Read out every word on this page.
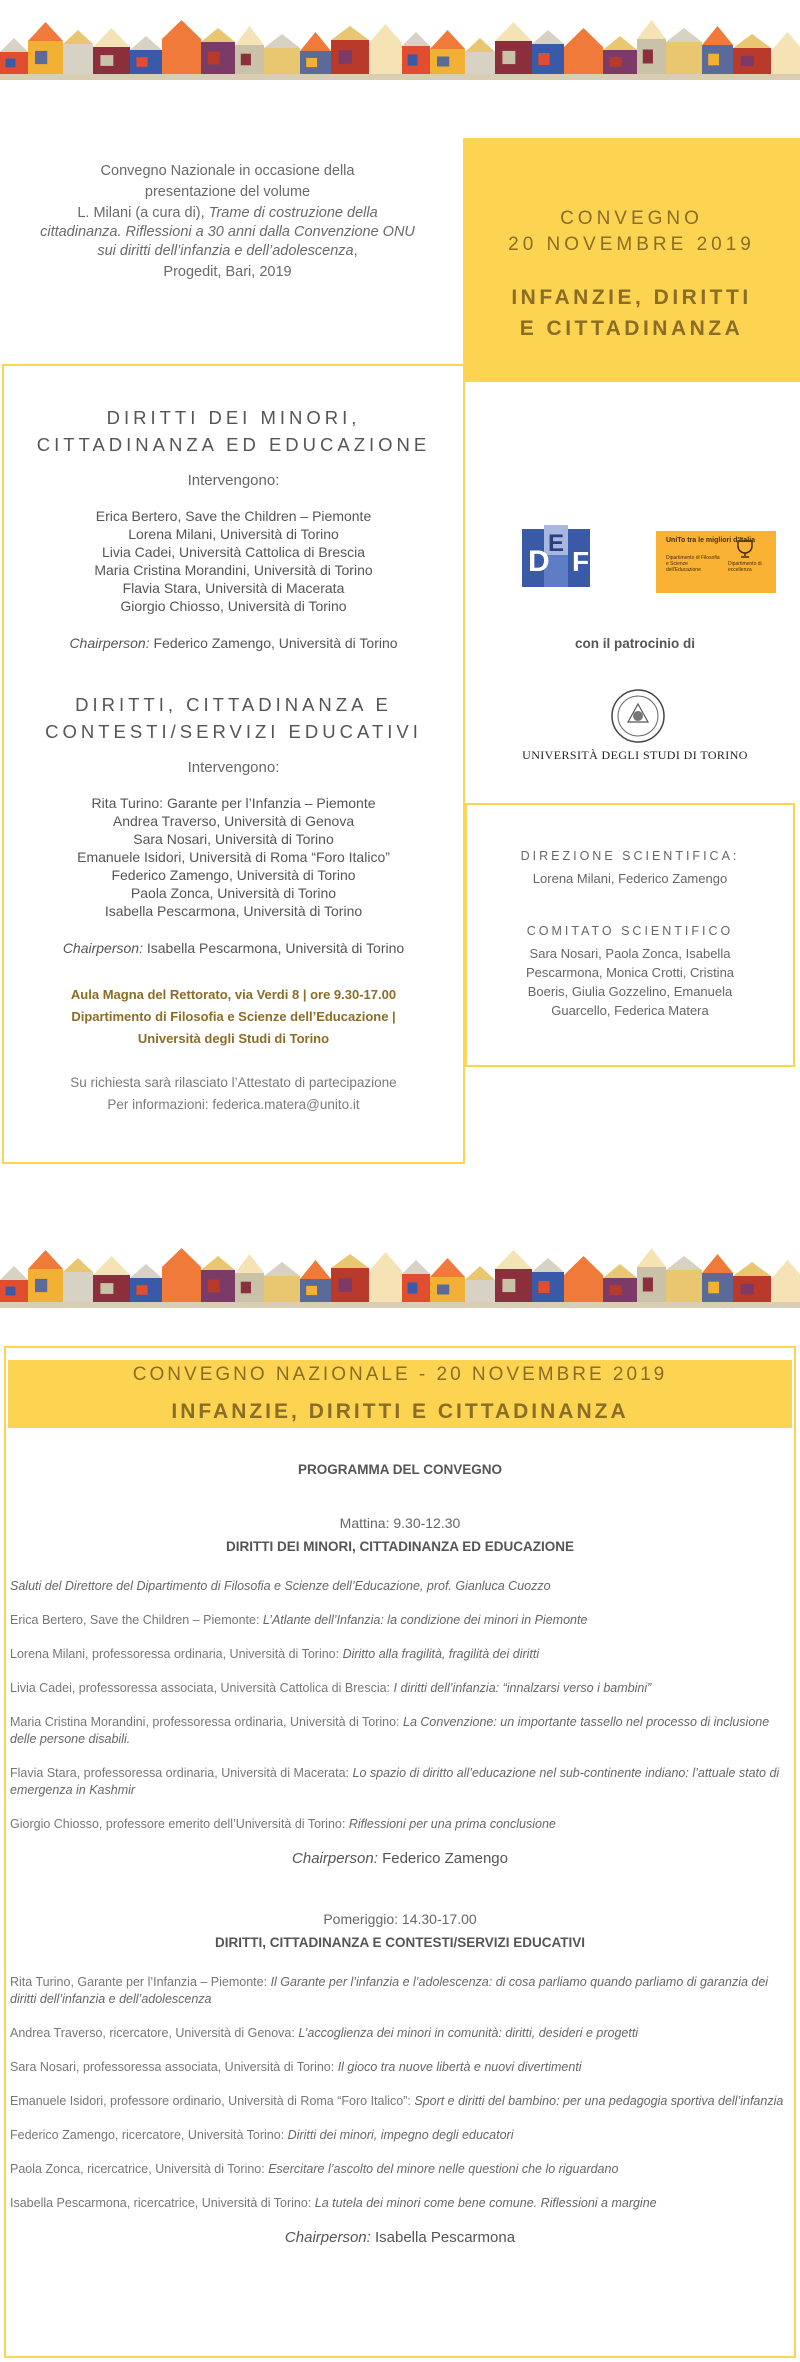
Convegno Nazionale in occasione della

presentazione del volume

L. Milani (a cura di), Trame di costruzione della cittadinanza. Riflessioni a 30 anni dalla Convenzione ONU sui diritti dell’infanzia e dell’adolescenza,

Progedit, Bari, 2019

CONVEGNO
20 NOVEMBRE 2019
INFANZIE, DIRITTI
E CITTADINANZA
DIRITTI DEI MINORI,
CITTADINANZA ED EDUCAZIONE
Intervengono:
Erica Bertero, Save the Children – Piemonte
Lorena Milani, Università di Torino
Livia Cadei, Università Cattolica di Brescia
Maria Cristina Morandini, Università di Torino
Flavia Stara, Università di Macerata
Giorgio Chiosso, Università di Torino
Chairperson: Federico Zamengo, Università di Torino
DIRITTI, CITTADINANZA E
CONTESTI/SERVIZI EDUCATIVI
Intervengono:
Rita Turino: Garante per l’Infanzia – Piemonte
Andrea Traverso, Università di Genova
Sara Nosari, Università di Torino
Emanuele Isidori, Università di Roma “Foro Italico”
Federico Zamengo, Università di Torino
Paola Zonca, Università di Torino
Isabella Pescarmona, Università di Torino
Chairperson: Isabella Pescarmona, Università di Torino
Aula Magna del Rettorato, via Verdi 8 | ore 9.30-17.00
Dipartimento di Filosofia e Scienze dell’Educazione |
Università degli Studi di Torino
Su richiesta sarà rilasciato l’Attestato di partecipazione
Per informazioni: federica.matera@unito.it
D
E
F
UniTo tra le migliori d'Italia
Dipartimento di Filosofia e Scienze dell'Educazione
Dipartimento di eccellenza
con il patrocinio di
UNIVERSITÀ DEGLI STUDI DI TORINO
DIREZIONE SCIENTIFICA:
Lorena Milani, Federico Zamengo
COMITATO SCIENTIFICO
Sara Nosari, Paola Zonca, Isabella
Pescarmona, Monica Crotti, Cristina
Boeris, Giulia Gozzelino, Emanuela
Guarcello, Federica Matera
CONVEGNO NAZIONALE - 20 NOVEMBRE 2019
INFANZIE, DIRITTI E CITTADINANZA
PROGRAMMA DEL CONVEGNO
Mattina: 9.30-12.30
DIRITTI DEI MINORI, CITTADINANZA ED EDUCAZIONE
Saluti del Direttore del Dipartimento di Filosofia e Scienze dell’Educazione, prof. Gianluca Cuozzo
Erica Bertero, Save the Children – Piemonte: L’Atlante dell’Infanzia: la condizione dei minori in Piemonte
Lorena Milani, professoressa ordinaria, Università di Torino: Diritto alla fragilità, fragilità dei diritti
Livia Cadei, professoressa associata, Università Cattolica di Brescia: I diritti dell’infanzia: “innalzarsi verso i bambini”
Maria Cristina Morandini, professoressa ordinaria, Università di Torino: La Convenzione: un importante tassello nel processo di inclusione delle persone disabili.
Flavia Stara, professoressa ordinaria, Università di Macerata: Lo spazio di diritto all’educazione nel sub-continente indiano: l’attuale stato di emergenza in Kashmir
Giorgio Chiosso, professore emerito dell’Università di Torino: Riflessioni per una prima conclusione
Chairperson: Federico Zamengo
Pomeriggio: 14.30-17.00
DIRITTI, CITTADINANZA E CONTESTI/SERVIZI EDUCATIVI
Rita Turino, Garante per l’Infanzia – Piemonte: Il Garante per l’infanzia e l’adolescenza: di cosa parliamo quando parliamo di garanzia dei diritti dell’infanzia e dell’adolescenza
Andrea Traverso, ricercatore, Università di Genova: L’accoglienza dei minori in comunità: diritti, desideri e progetti
Sara Nosari, professoressa associata, Università di Torino: Il gioco tra nuove libertà e nuovi divertimenti
Emanuele Isidori, professore ordinario, Università di Roma “Foro Italico”: Sport e diritti del bambino: per una pedagogia sportiva dell’infanzia
Federico Zamengo, ricercatore, Università Torino: Diritti dei minori, impegno degli educatori
Paola Zonca, ricercatrice, Università di Torino: Esercitare l’ascolto del minore nelle questioni che lo riguardano
Isabella Pescarmona, ricercatrice, Università di Torino: La tutela dei minori come bene comune. Riflessioni a margine
Chairperson: Isabella Pescarmona
